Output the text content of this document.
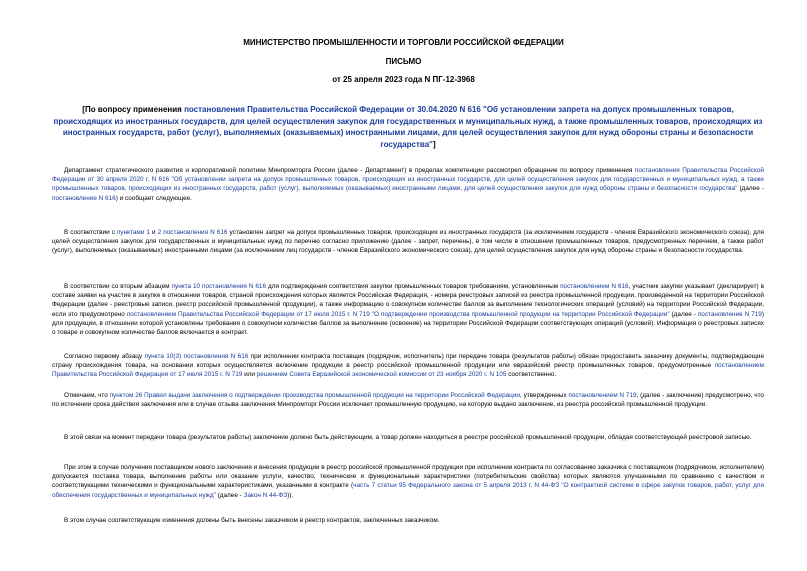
МИНИСТЕРСТВО ПРОМЫШЛЕННОСТИ И ТОРГОВЛИ РОССИЙСКОЙ ФЕДЕРАЦИИ
ПИСЬМО
от 25 апреля 2023 года N ПГ-12-3968
[По вопросу применения постановления Правительства Российской Федерации от 30.04.2020 N 616 "Об установлении запрета на допуск промышленных товаров, происходящих из иностранных государств, для целей осуществления закупок для государственных и муниципальных нужд, а также промышленных товаров, происходящих из иностранных государств, работ (услуг), выполняемых (оказываемых) иностранными лицами, для целей осуществления закупок для нужд обороны страны и безопасности государства"]

Департамент стратегического развития и корпоративной политики Минпромторга России (далее - Департамент) в пределах компетенции рассмотрел обращение по вопросу применения постановления Правительства Российской Федерации от 30 апреля 2020 г. N 616 "Об установлении запрета на допуск промышленных товаров, происходящих из иностранных государств, для целей осуществления закупок для государственных и муниципальных нужд, а также промышленных товаров, происходящих из иностранных государств, работ (услуг), выполняемых (оказываемых) иностранными лицами, для целей осуществления закупок для нужд обороны страны и безопасности государства" (далее - постановление N 616) и сообщает следующее.

В соответствии с пунктами 1 и 2 постановления N 616 установлен запрет на допуск промышленных товаров, происходящих из иностранных государств (за исключением государств - членов Евразийского экономического союза), для целей осуществления закупок для государственных и муниципальных нужд по перечню согласно приложению (далее - запрет, перечень), в том числе в отношении промышленных товаров, предусмотренных перечнем, а также работ (услуг), выполняемых (оказываемых) иностранными лицами (за исключением лиц государств - членов Евразийского экономического союза), для целей осуществления закупок для нужд обороны страны и безопасности государства.

В соответствии со вторым абзацем пункта 10 постановления N 616 для подтверждения соответствия закупки промышленных товаров требованиям, установленным постановлением N 616, участник закупки указывает (декларирует) в составе заявки на участие в закупке в отношении товаров, страной происхождения которых является Российская Федерация, - номера реестровых записей из реестра промышленной продукции, произведенной на территории Российской Федерации (далее - реестровые записи, реестр российской промышленной продукции), а также информацию о совокупном количестве баллов за выполнение технологических операций (условий) на территории Российской Федерации, если это предусмотрено постановлением Правительства Российской Федерации от 17 июля 2015 г. N 719 "О подтверждении производства промышленной продукции на территории Российской Федерации" (далее - постановление N 719) для продукции, в отношении которой установлены требования о совокупном количестве баллов за выполнение (освоение) на территории Российской Федерации соответствующих операций (условий). Информация о реестровых записях о товаре и совокупном количестве баллов включается в контракт.

Согласно первому абзацу пункта 10(3) постановления N 616 при исполнении контракта поставщик (подрядчик, исполнитель) при передаче товара (результатов работы) обязан предоставить заказчику документы, подтверждающие страну происхождения товара, на основании которых осуществляется включение продукции в реестр российской промышленной продукции или евразийский реестр промышленных товаров, предусмотренные постановлением Правительства Российской Федерации от 17 июля 2015 г. N 719 или решением Совета Евразийской экономической комиссии от 23 ноября 2020 г. N 105 соответственно.

Отмечаем, что пунктом 26 Правил выдачи заключения о подтверждении производства промышленной продукции на территории Российской Федерации, утвержденных постановлением N 719, (далее - заключение) предусмотрено, что по истечении срока действия заключения или в случае отзыва заключения Минпромторг России исключает промышленную продукцию, на которую выдано заключение, из реестра российской промышленной продукции.

В этой связи на момент передачи товара (результатов работы) заключение должно быть действующим, а товар должен находиться в реестре российской промышленной продукции, обладая соответствующей реестровой записью.

При этом в случае получения поставщиком нового заключения и внесения продукции в реестр российской промышленной продукции при исполнении контракта по согласованию заказчика с поставщиком (подрядчиком, исполнителем) допускается поставка товара, выполнение работы или оказание услуги, качество, технические и функциональные характеристики (потребительские свойства) которых являются улучшенными по сравнению с качеством и соответствующими техническими и функциональными характеристиками, указанными в контракте (часть 7 статьи 95 Федерального закона от 5 апреля 2013 г. N 44-ФЗ "О контрактной системе в сфере закупок товаров, работ, услуг для обеспечения государственных и муниципальных нужд" (далее - Закон N 44-ФЗ)).

В этом случае соответствующие изменения должны быть внесены заказчиком в реестр контрактов, заключенных заказчиком.
